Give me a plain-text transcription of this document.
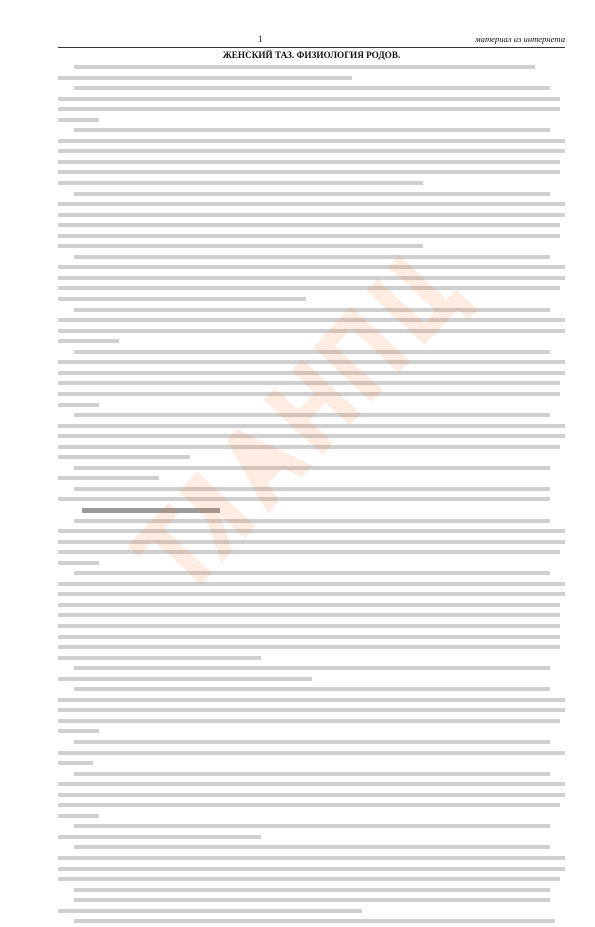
1	материал из интернета
ЖЕНСКИЙ ТАЗ. ФИЗИОЛОГИЯ РОДОВ.
